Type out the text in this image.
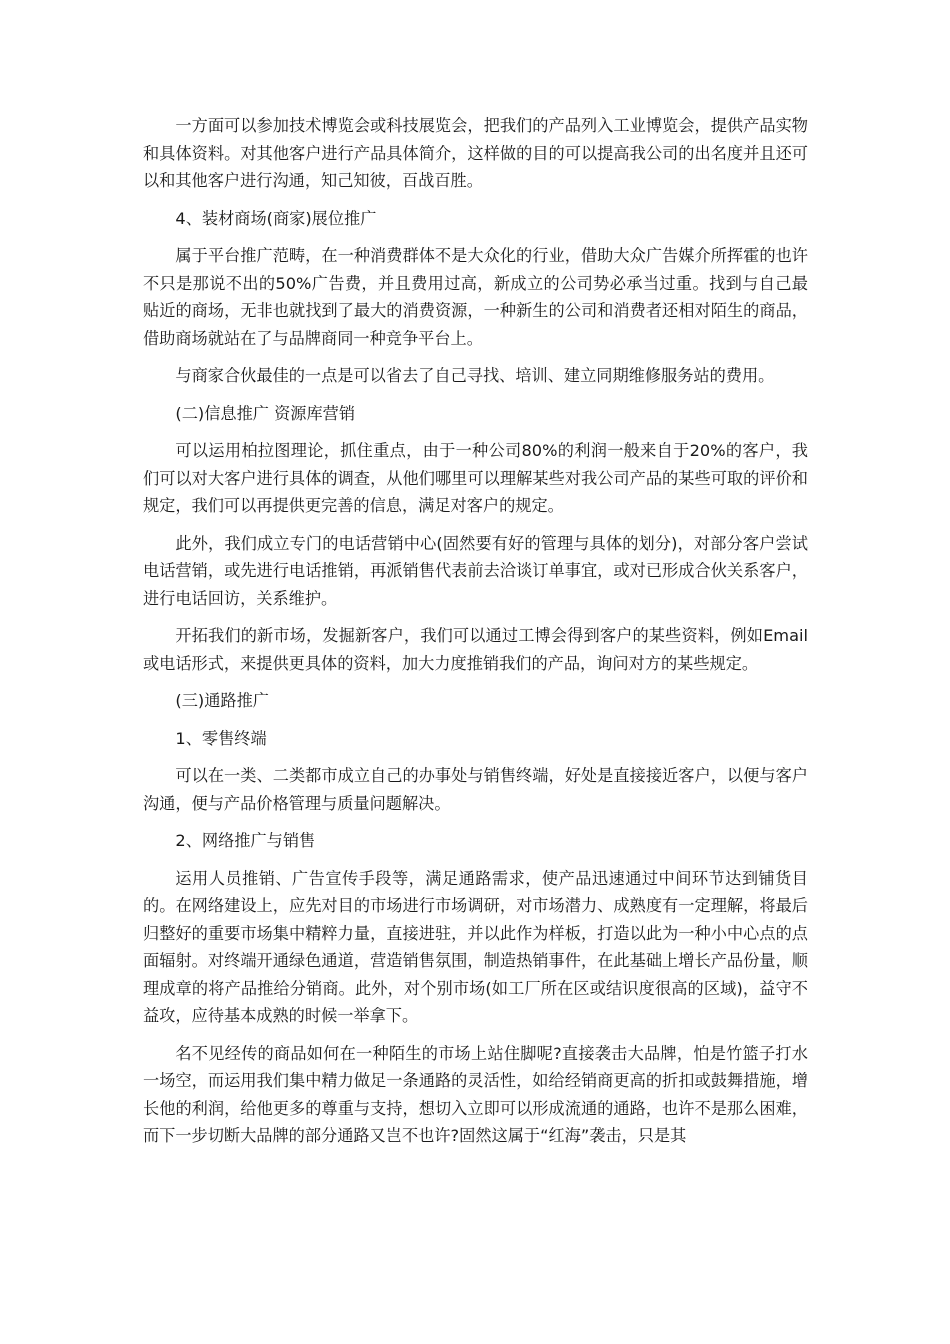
一方面可以参加技术博览会或科技展览会，把我们的产品列入工业博览会，提供产品实物和具体资料。对其他客户进行产品具体简介，这样做的目的可以提高我公司的出名度并且还可以和其他客户进行沟通，知己知彼，百战百胜。

4、装材商场(商家)展位推广

属于平台推广范畴，在一种消费群体不是大众化的行业，借助大众广告媒介所挥霍的也许不只是那说不出的50%广告费，并且费用过高，新成立的公司势必承当过重。找到与自己最贴近的商场，无非也就找到了最大的消费资源，一种新生的公司和消费者还相对陌生的商品，借助商场就站在了与品牌商同一种竞争平台上。

与商家合伙最佳的一点是可以省去了自己寻找、培训、建立同期维修服务站的费用。

(二)信息推广 资源库营销

可以运用柏拉图理论，抓住重点，由于一种公司80%的利润一般来自于20%的客户，我们可以对大客户进行具体的调查，从他们哪里可以理解某些对我公司产品的某些可取的评价和规定，我们可以再提供更完善的信息，满足对客户的规定。

此外，我们成立专门的电话营销中心(固然要有好的管理与具体的划分)，对部分客户尝试电话营销，或先进行电话推销，再派销售代表前去洽谈订单事宜，或对已形成合伙关系客户，进行电话回访，关系维护。

开拓我们的新市场，发掘新客户，我们可以通过工博会得到客户的某些资料，例如Email或电话形式，来提供更具体的资料，加大力度推销我们的产品，询问对方的某些规定。

(三)通路推广

1、零售终端

可以在一类、二类都市成立自己的办事处与销售终端，好处是直接接近客户，以便与客户沟通，便与产品价格管理与质量问题解决。

2、网络推广与销售

运用人员推销、广告宣传手段等，满足通路需求，使产品迅速通过中间环节达到铺货目的。在网络建设上，应先对目的市场进行市场调研，对市场潜力、成熟度有一定理解，将最后归整好的重要市场集中精粹力量，直接进驻，并以此作为样板，打造以此为一种小中心点的点面辐射。对终端开通绿色通道，营造销售氛围，制造热销事件，在此基础上增长产品份量，顺理成章的将产品推给分销商。此外，对个别市场(如工厂所在区或结识度很高的区域)，益守不益攻，应待基本成熟的时候一举拿下。

名不见经传的商品如何在一种陌生的市场上站住脚呢?直接袭击大品牌，怕是竹篮子打水一场空，而运用我们集中精力做足一条通路的灵活性，如给经销商更高的折扣或鼓舞措施，增长他的利润，给他更多的尊重与支持，想切入立即可以形成流通的通路，也许不是那么困难，而下一步切断大品牌的部分通路又岂不也许?固然这属于“红海”袭击，只是其
